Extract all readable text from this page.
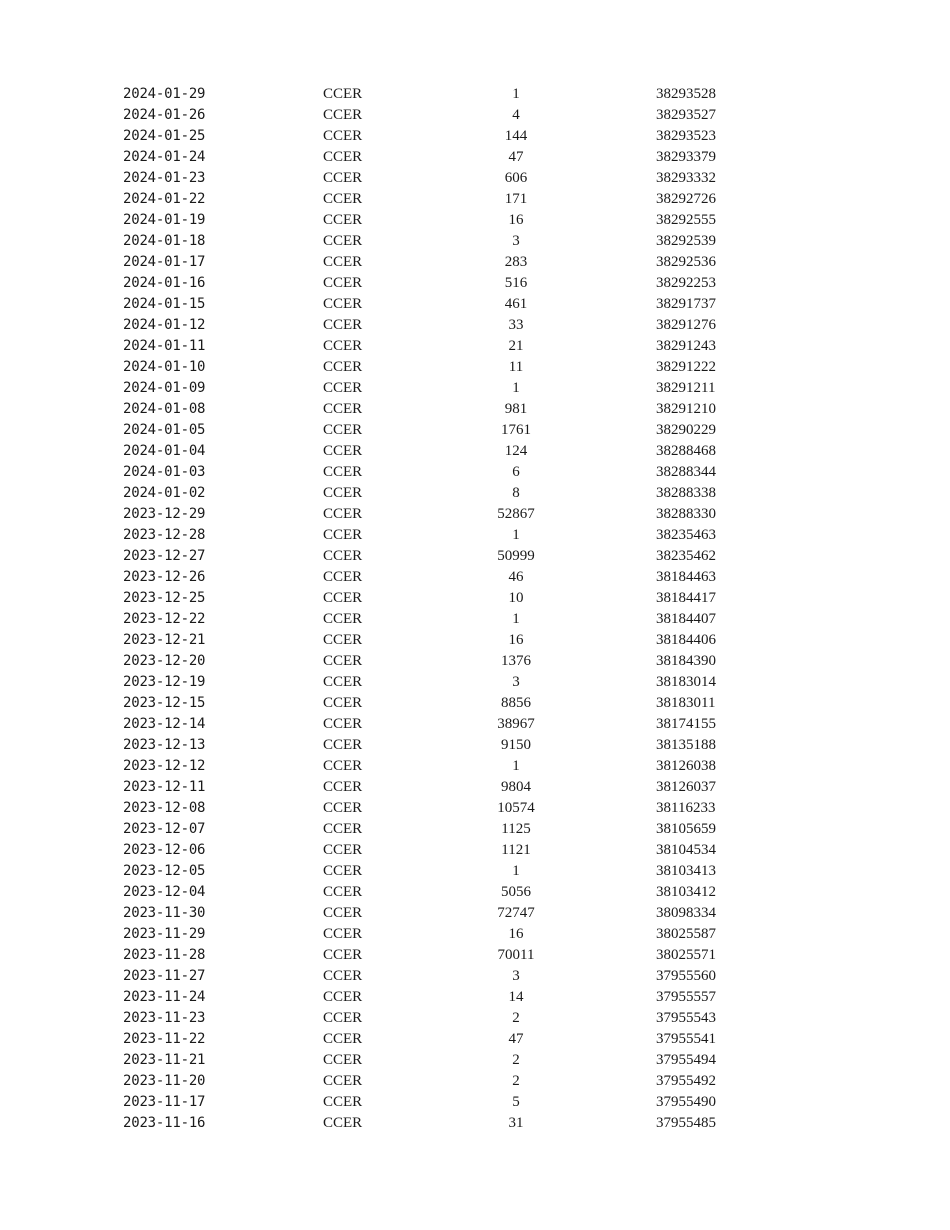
2024-01-29	CCER	1	38293528
2024-01-26	CCER	4	38293527
2024-01-25	CCER	144	38293523
2024-01-24	CCER	47	38293379
2024-01-23	CCER	606	38293332
2024-01-22	CCER	171	38292726
2024-01-19	CCER	16	38292555
2024-01-18	CCER	3	38292539
2024-01-17	CCER	283	38292536
2024-01-16	CCER	516	38292253
2024-01-15	CCER	461	38291737
2024-01-12	CCER	33	38291276
2024-01-11	CCER	21	38291243
2024-01-10	CCER	11	38291222
2024-01-09	CCER	1	38291211
2024-01-08	CCER	981	38291210
2024-01-05	CCER	1761	38290229
2024-01-04	CCER	124	38288468
2024-01-03	CCER	6	38288344
2024-01-02	CCER	8	38288338
2023-12-29	CCER	52867	38288330
2023-12-28	CCER	1	38235463
2023-12-27	CCER	50999	38235462
2023-12-26	CCER	46	38184463
2023-12-25	CCER	10	38184417
2023-12-22	CCER	1	38184407
2023-12-21	CCER	16	38184406
2023-12-20	CCER	1376	38184390
2023-12-19	CCER	3	38183014
2023-12-15	CCER	8856	38183011
2023-12-14	CCER	38967	38174155
2023-12-13	CCER	9150	38135188
2023-12-12	CCER	1	38126038
2023-12-11	CCER	9804	38126037
2023-12-08	CCER	10574	38116233
2023-12-07	CCER	1125	38105659
2023-12-06	CCER	1121	38104534
2023-12-05	CCER	1	38103413
2023-12-04	CCER	5056	38103412
2023-11-30	CCER	72747	38098334
2023-11-29	CCER	16	38025587
2023-11-28	CCER	70011	38025571
2023-11-27	CCER	3	37955560
2023-11-24	CCER	14	37955557
2023-11-23	CCER	2	37955543
2023-11-22	CCER	47	37955541
2023-11-21	CCER	2	37955494
2023-11-20	CCER	2	37955492
2023-11-17	CCER	5	37955490
2023-11-16	CCER	31	37955485
